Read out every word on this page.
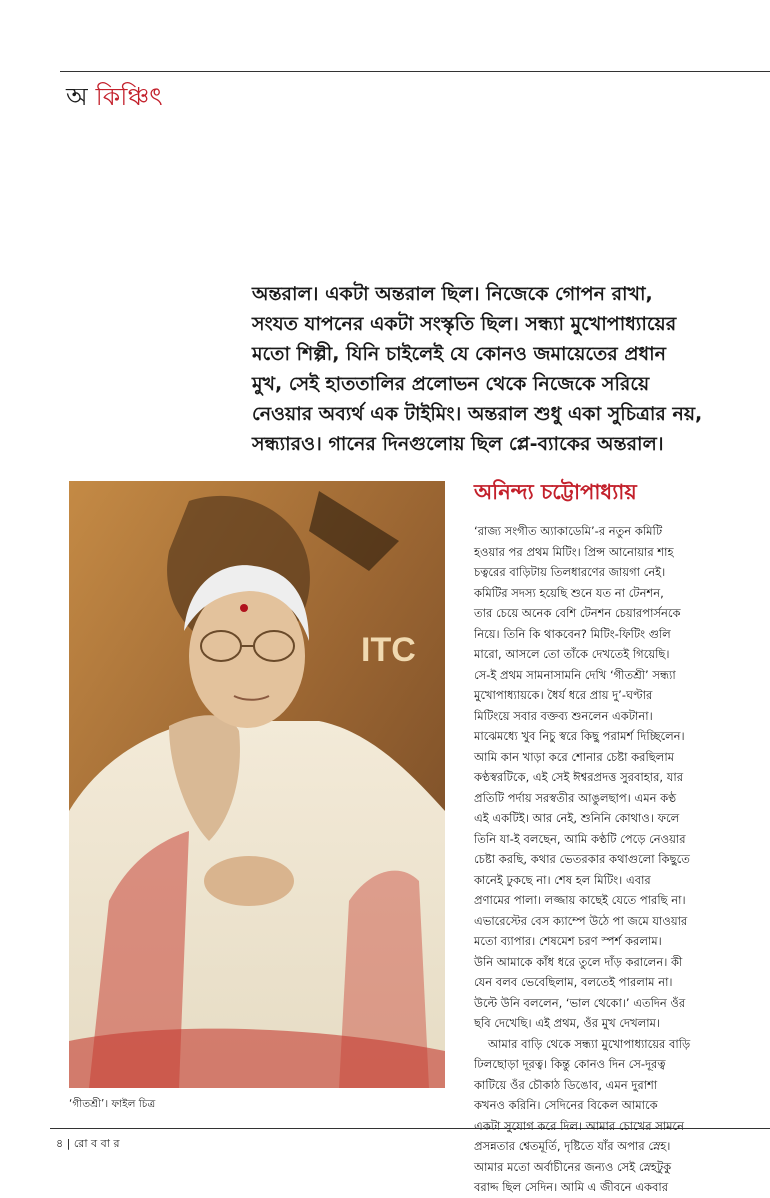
অ কিঞ্চিৎ
অন্তরাল। একটা অন্তরাল ছিল। নিজেকে গোপন রাখা,
সংযত যাপনের একটা সংস্কৃতি ছিল। সন্ধ্যা মুখোপাধ্যায়ের
মতো শিল্পী, যিনি চাইলেই যে কোনও জমায়েতের প্রধান
মুখ, সেই হাততালির প্রলোভন থেকে নিজেকে সরিয়ে
নেওয়ার অব্যর্থ এক টাইমিং। অন্তরাল শুধু একা সুচিত্রার নয়,
সন্ধ্যারও। গানের দিনগুলোয় ছিল প্লে-ব্যাকের অন্তরাল।
ITC
‘গীতশ্রী’। ফাইল চিত্র
অনিন্দ্য চট্টোপাধ্যায়
‘রাজ্য সংগীত অ্যাকাডেমি’-র নতুন কমিটি
হওয়ার পর প্রথম মিটিং। প্রিন্স আনোয়ার শাহ
চত্বরের বাড়িটায় তিলধারণের জায়গা নেই।
কমিটির সদস্য হয়েছি শুনে যত না টেনশন,
তার চেয়ে অনেক বেশি টেনশন চেয়ারপার্সনকে
নিয়ে। তিনি কি থাকবেন? মিটিং-ফিটিং গুলি
মারো, আসলে তো তাঁকে দেখতেই গিয়েছি।
সে-ই প্রথম সামনাসামনি দেখি ‘গীতশ্রী’ সন্ধ্যা
মুখোপাধ্যায়কে। ধৈর্য ধরে প্রায় দু’-ঘণ্টার
মিটিংয়ে সবার বক্তব্য শুনলেন একটানা।
মাঝেমধ্যে খুব নিচু স্বরে কিছু পরামর্শ দিচ্ছিলেন।
আমি কান খাড়া করে শোনার চেষ্টা করছিলাম
কণ্ঠস্বরটিকে, এই সেই ঈশ্বরপ্রদত্ত সুরবাহার, যার
প্রতিটি পর্দায় সরস্বতীর আঙুলছাপ। এমন কণ্ঠ
এই একটিই। আর নেই, শুনিনি কোথাও। ফলে
তিনি যা-ই বলছেন, আমি কণ্ঠটি পেড়ে নেওয়ার
চেষ্টা করছি, কথার ভেতরকার কথাগুলো কিছুতে
কানেই ঢুকছে না। শেষ হল মিটিং। এবার
প্রণামের পালা। লজ্জায় কাছেই যেতে পারছি না।
এভারেস্টের বেস ক্যাম্পে উঠে পা জমে যাওয়ার
মতো ব্যাপার। শেষমেশ চরণ স্পর্শ করলাম।
উনি আমাকে কাঁধ ধরে তুলে দাঁড় করালেন। কী
যেন বলব ভেবেছিলাম, বলতেই পারলাম না।
উল্টে উনি বললেন, ‘ভাল থেকো।’ এতদিন ওঁর
ছবি দেখেছি। এই প্রথম, ওঁর মুখ দেখলাম।
আমার বাড়ি থেকে সন্ধ্যা মুখোপাধ্যায়ের বাড়ি
ঢিলছোড়া দূরত্ব। কিন্তু কোনও দিন সে-দূরত্ব
কাটিয়ে ওঁর চৌকাঠ ডিঙোব, এমন দুরাশা
কখনও করিনি। সেদিনের বিকেল আমাকে
একটা সুযোগ করে দিল। আমার চোখের সামনে
প্রসন্নতার শ্বেতমূর্তি, দৃষ্টিতে যাঁর অপার স্নেহ।
আমার মতো অর্বাচীনের জন্যও সেই স্নেহটুকু
বরাদ্দ ছিল সেদিন। আমি এ জীবনে একবার
৪ | রো ব বা র
